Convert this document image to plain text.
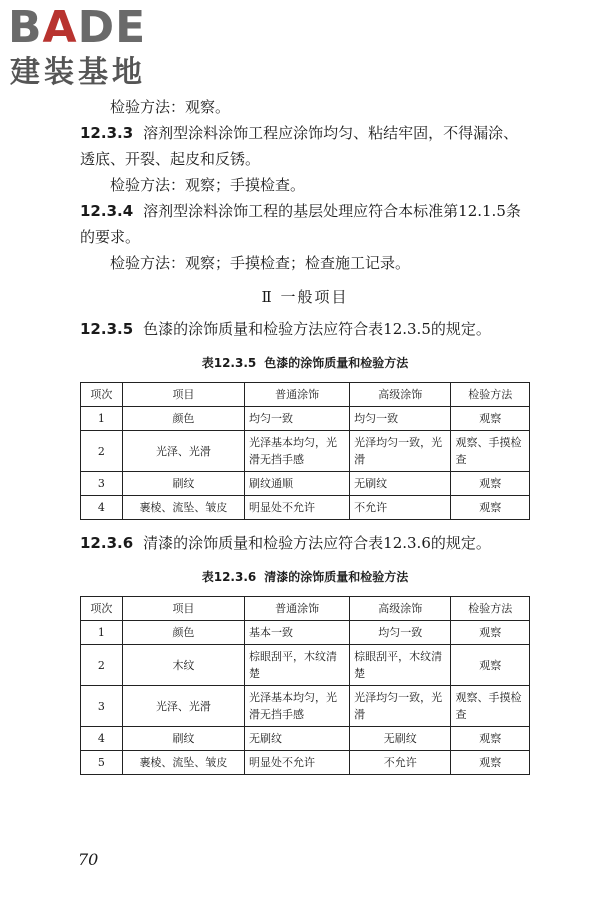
BADE
建装基地

检验方法：观察。

12.3.3 溶剂型涂料涂饰工程应涂饰均匀、粘结牢固，不得漏涂、透底、开裂、起皮和反锈。

检验方法：观察；手摸检查。

12.3.4 溶剂型涂料涂饰工程的基层处理应符合本标准第12.1.5条的要求。

检验方法：观察；手摸检查；检查施工记录。

Ⅱ 一般项目

12.3.5 色漆的涂饰质量和检验方法应符合表12.3.5的规定。

表12.3.5 色漆的涂饰质量和检验方法
项次	项目	普通涂饰	高级涂饰	检验方法
1	颜色	均匀一致	均匀一致	观察
2	光泽、光滑	光泽基本均匀，光滑无挡手感	光泽均匀一致，光滑	观察、手摸检查
3	刷纹	刷纹通顺	无刷纹	观察
4	裹棱、流坠、皱皮	明显处不允许	不允许	观察

12.3.6 清漆的涂饰质量和检验方法应符合表12.3.6的规定。

表12.3.6 清漆的涂饰质量和检验方法
项次	项目	普通涂饰	高级涂饰	检验方法
1	颜色	基本一致	均匀一致	观察
2	木纹	棕眼刮平，木纹清楚	棕眼刮平，木纹清楚	观察
3	光泽、光滑	光泽基本均匀，光滑无挡手感	光泽均匀一致，光滑	观察、手摸检查
4	刷纹	无刷纹	无刷纹	观察
5	裹棱、流坠、皱皮	明显处不允许	不允许	观察
70
